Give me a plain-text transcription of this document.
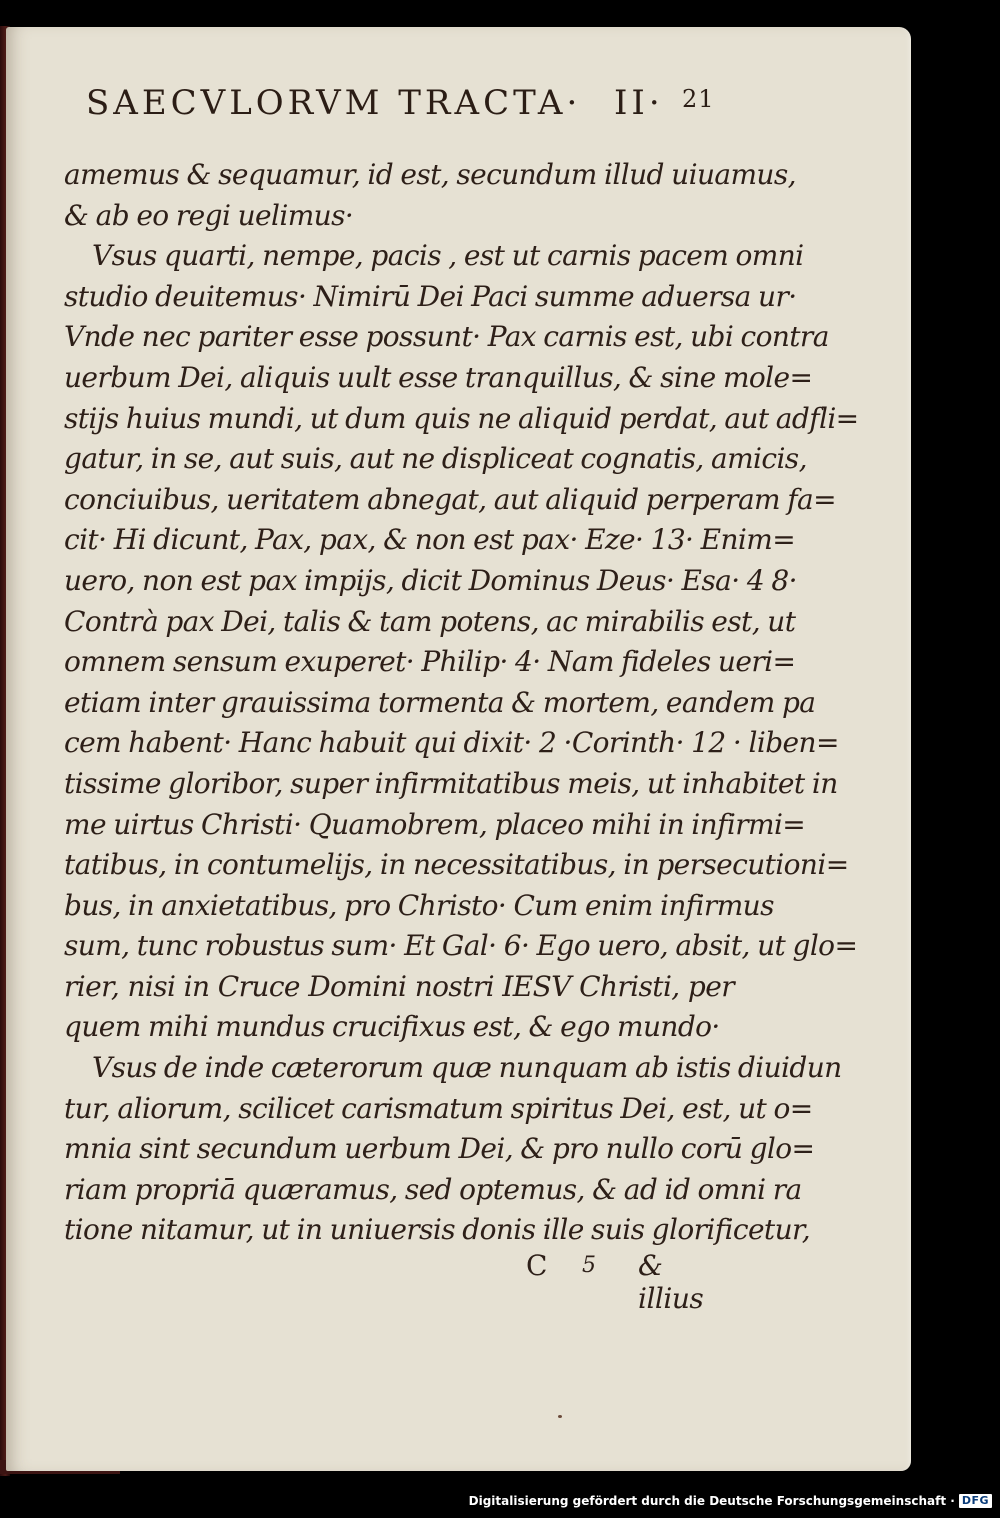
SAECVLORVM TRACTA· II· 21
amemus & sequamur, id est, secundum illud uiuamus,
& ab eo regi uelimus·
Vsus quarti, nempe, pacis , est ut carnis pacem omni
studio deuitemus· Nimirū Dei Paci summe aduersa ur·
Vnde nec pariter esse possunt· Pax carnis est, ubi contra
uerbum Dei, aliquis uult esse tranquillus, & sine mole=
stijs huius mundi, ut dum quis ne aliquid perdat, aut adfli=
gatur, in se, aut suis, aut ne displiceat cognatis, amicis,
conciuibus, ueritatem abnegat, aut aliquid perperam fa=
cit· Hi dicunt, Pax, pax, & non est pax· Eze· 13· Enim=
uero, non est pax impijs, dicit Dominus Deus· Esa· 4 8·
Contrà pax Dei, talis & tam potens, ac mirabilis est, ut
omnem sensum exuperet· Philip· 4· Nam fideles ueri=
etiam inter grauissima tormenta & mortem, eandem pa
cem habent· Hanc habuit qui dixit· 2 ·Corinth· 12 · liben=
tissime gloribor, super infirmitatibus meis, ut inhabitet in
me uirtus Christi· Quamobrem, placeo mihi in infirmi=
tatibus, in contumelijs, in necessitatibus, in persecutioni=
bus, in anxietatibus, pro Christo· Cum enim infirmus
sum, tunc robustus sum· Et Gal· 6· Ego uero, absit, ut glo=
rier, nisi in Cruce Domini nostri IESV Christi, per
quem mihi mundus crucifixus est, & ego mundo·
Vsus de inde cæterorum quæ nunquam ab istis diuidun
tur, aliorum, scilicet carismatum spiritus Dei, est, ut o=
mnia sint secundum uerbum Dei, & pro nullo corū glo=
riam propriā quæramus, sed optemus, & ad id omni ra
tione nitamur, ut in uniuersis donis ille suis glorificetur,
C 5 & illius
Digitalisierung gefördert durch die Deutsche Forschungsgemeinschaft · DFG
